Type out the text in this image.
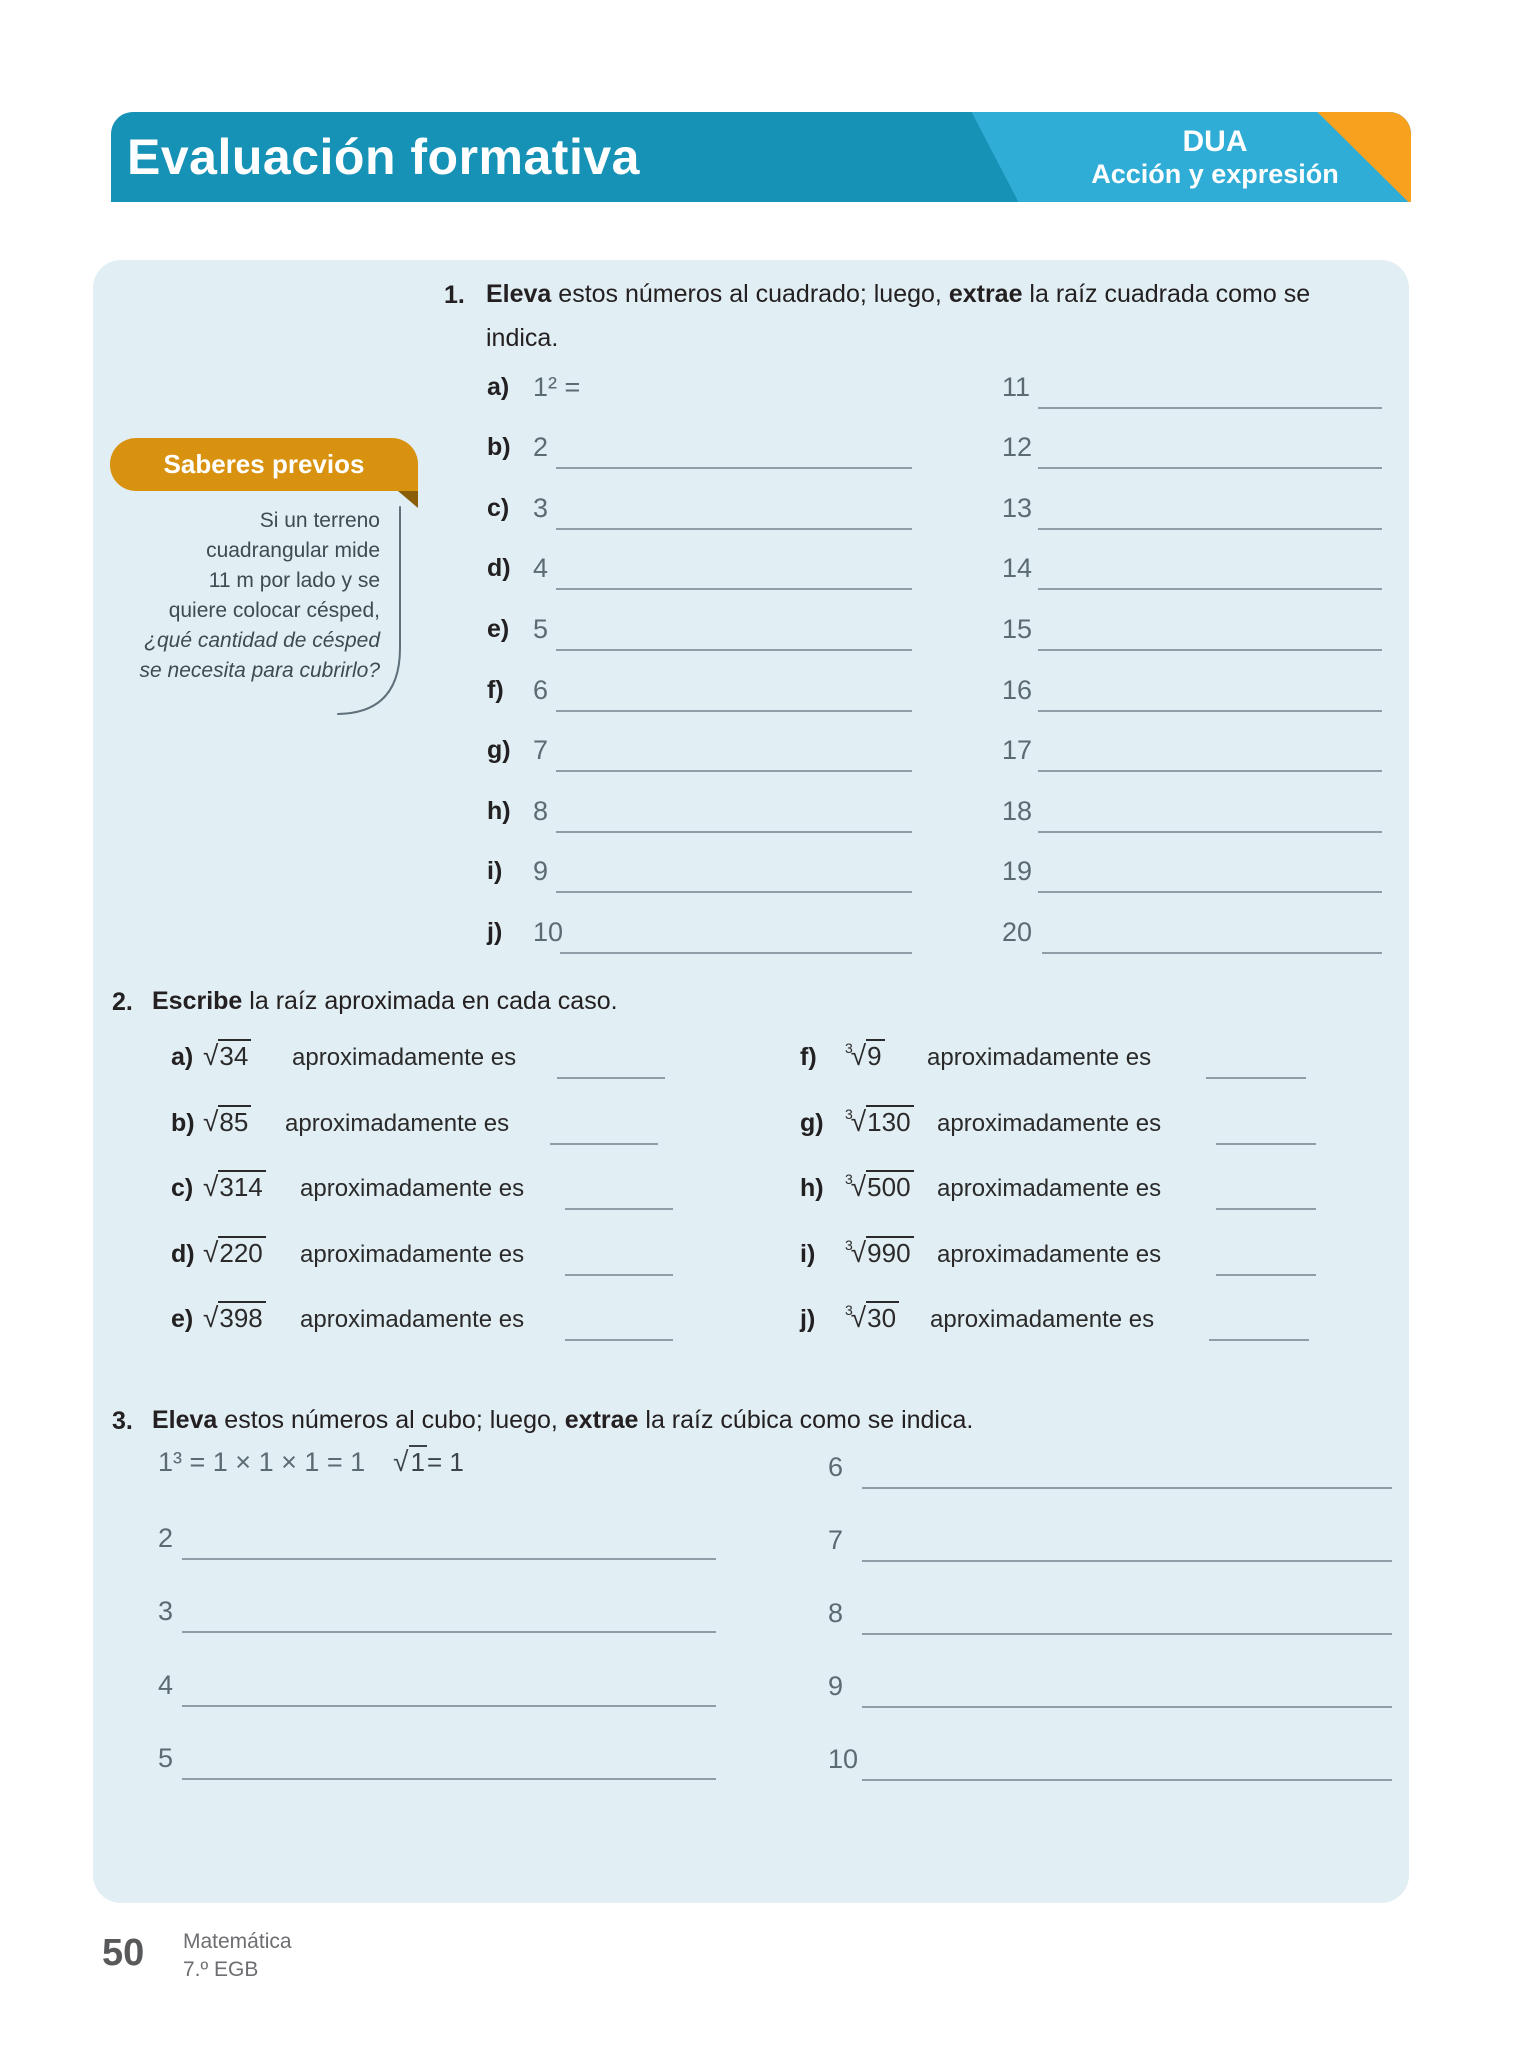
Evaluación formativa	DUA
Acción y expresión
Saberes previos
Si un terreno
cuadrangular mide
11 m por lado y se
quiere colocar césped,
¿qué cantidad de césped
se necesita para cubrirlo?
1. Eleva estos números al cuadrado; luego, extrae la raíz cuadrada como se indica.
a) 1² =	11
b) 2	12
c) 3	13
d) 4	14
e) 5	15
f) 6	16
g) 7	17
h) 8	18
i) 9	19
j) 10	20
2. Escribe la raíz aproximada en cada caso.
a) √34 aproximadamente es
b) √85 aproximadamente es
c) √314 aproximadamente es
d) √220 aproximadamente es
e) √398 aproximadamente es
f) $^3$√9 aproximadamente es
g) $^3$√130 aproximadamente es
h) $^3$√500 aproximadamente es
i) $^3$√990 aproximadamente es
j) $^3$√30 aproximadamente es
3. Eleva estos números al cubo; luego, extrae la raíz cúbica como se indica.
1³ = 1 × 1 × 1 = 1 √1= 1
2
3
4
5
6
7
8
9
10
50 Matemática
7.º EGB
